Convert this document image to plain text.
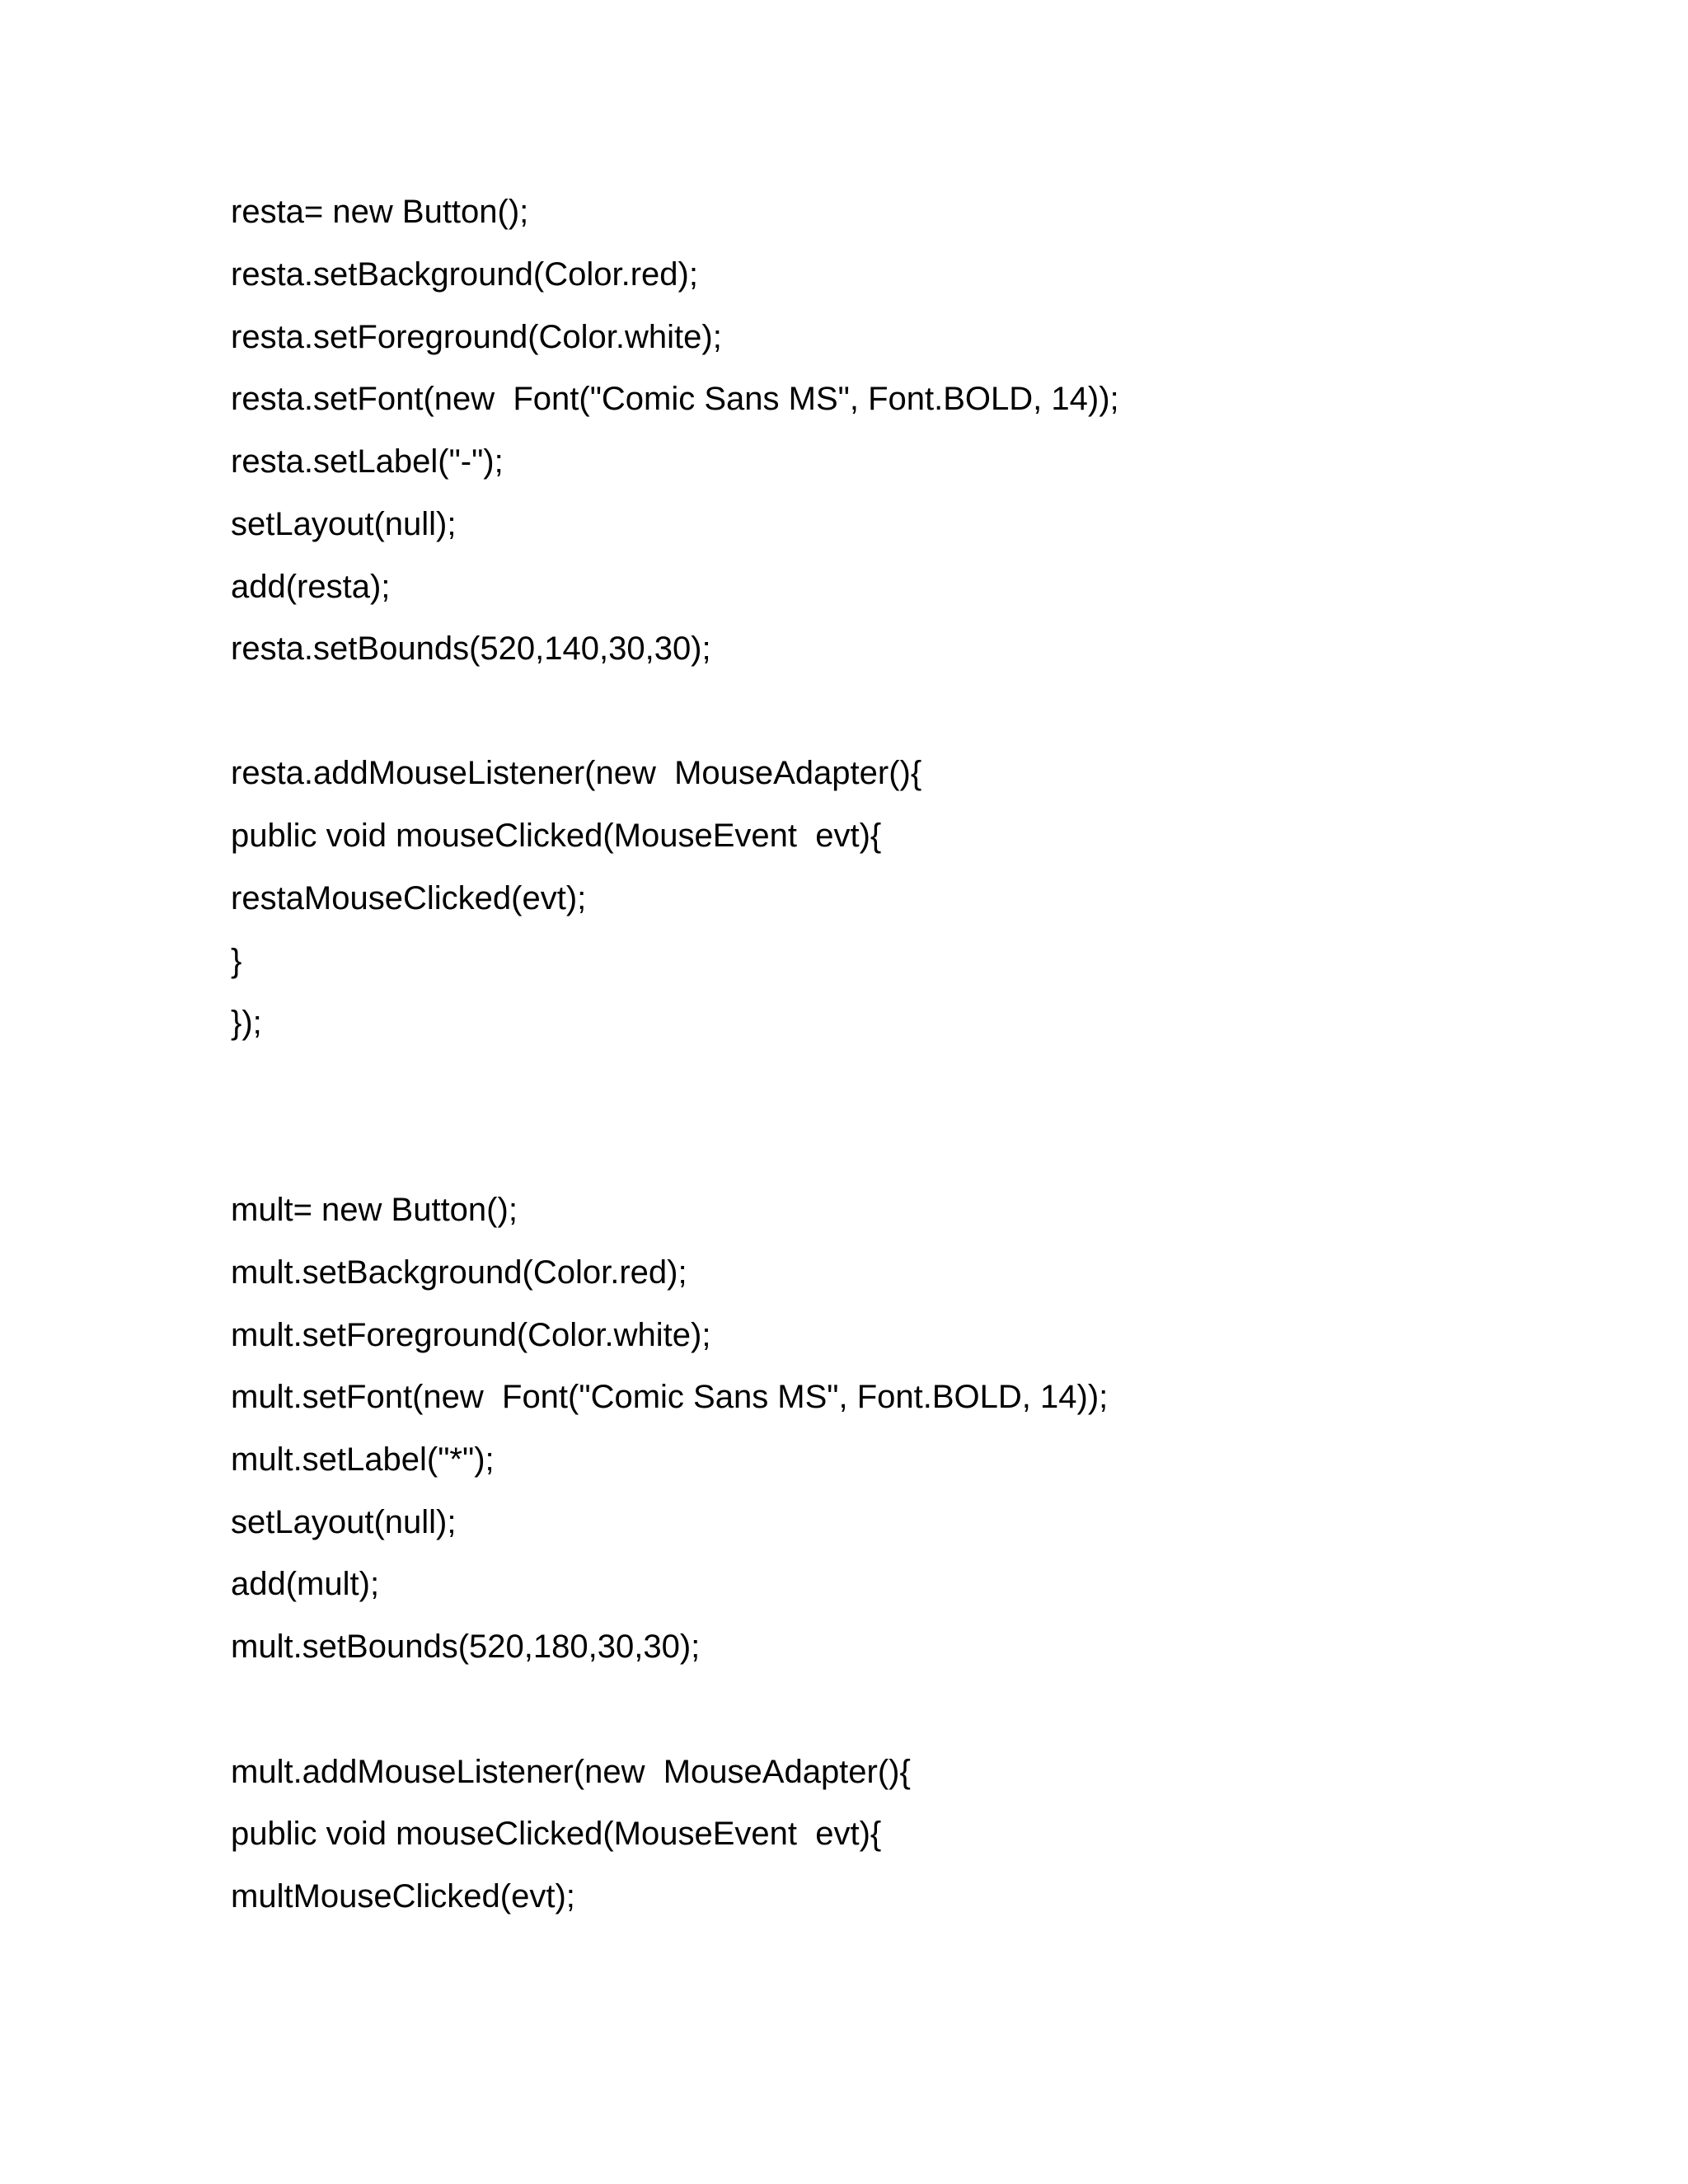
resta= new Button();
resta.setBackground(Color.red);
resta.setForeground(Color.white);
resta.setFont(new  Font("Comic Sans MS", Font.BOLD, 14));
resta.setLabel("-");
setLayout(null);
add(resta);
resta.setBounds(520,140,30,30);
resta.addMouseListener(new  MouseAdapter(){
public void mouseClicked(MouseEvent  evt){
restaMouseClicked(evt);
}
});
mult= new Button();
mult.setBackground(Color.red);
mult.setForeground(Color.white);
mult.setFont(new  Font("Comic Sans MS", Font.BOLD, 14));
mult.setLabel("*");
setLayout(null);
add(mult);
mult.setBounds(520,180,30,30);
mult.addMouseListener(new  MouseAdapter(){
public void mouseClicked(MouseEvent  evt){
multMouseClicked(evt);
